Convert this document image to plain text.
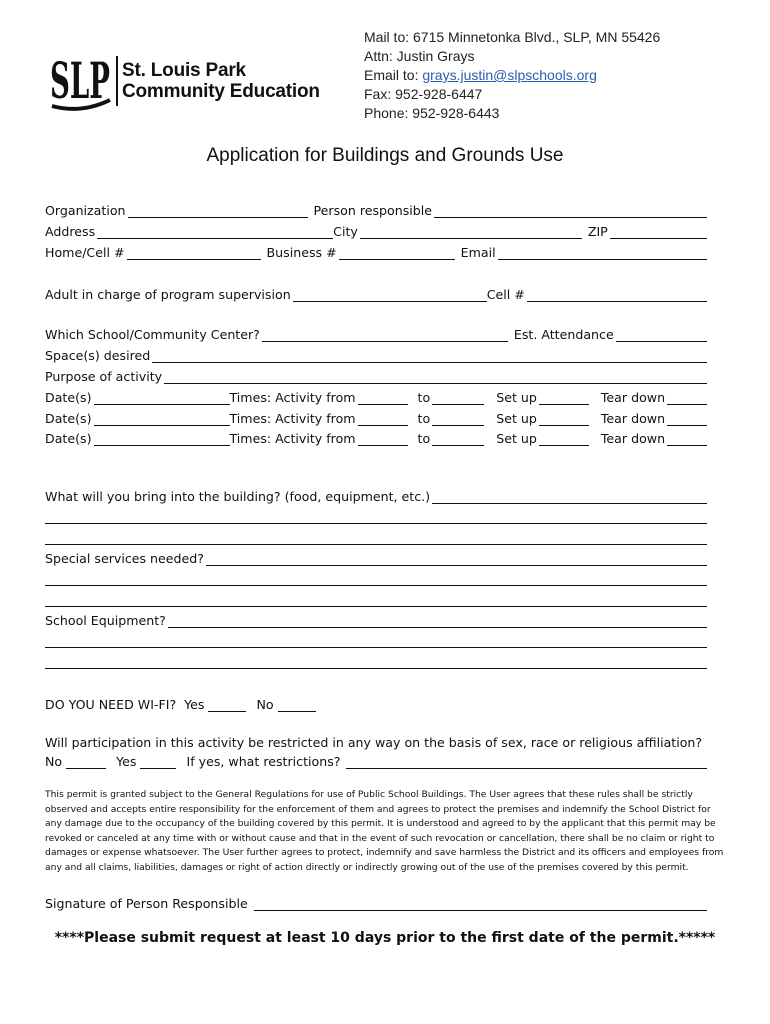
SLP St. Louis Park
Community Education
Mail to: 6715 Minnetonka Blvd., SLP, MN 55426
Attn: Justin Grays
Email to: grays.justin@slpschools.org
Fax: 952-928-6447
Phone: 952-928-6443
Application for Buildings and Grounds Use
Organization	Person responsible
Address	City	ZIP
Home/Cell #	Business #	Email
Adult in charge of program supervision	Cell #
Which School/Community Center?	Est. Attendance
Space(s) desired
Purpose of activity
Date(s)	Times: Activity from	to	Set up	Tear down
Date(s)	Times: Activity from	to	Set up	Tear down
Date(s)	Times: Activity from	to	Set up	Tear down
What will you bring into the building? (food, equipment, etc.)
Special services needed?
School Equipment?
DO YOU NEED WI-FI? Yes	No
Will participation in this activity be restricted in any way on the basis of sex, race or religious affiliation?
No	Yes	If yes, what restrictions?
Signature of Person Responsible
This permit is granted subject to the General Regulations for use of Public School Buildings. The User agrees that these rules shall be strictly observed and accepts entire responsibility for the enforcement of them and agrees to protect the premises and indemnify the School District for any damage due to the occupancy of the building covered by this permit. It is understood and agreed to by the applicant that this permit may be revoked or canceled at any time with or without cause and that in the event of such revocation or cancellation, there shall be no claim or right to damages or expense whatsoever. The User further agrees to protect, indemnify and save harmless the District and its officers and employees from any and all claims, liabilities, damages or right of action directly or indirectly growing out of the use of the premises covered by this permit.
****Please submit request at least 10 days prior to the first date of the permit.*****
